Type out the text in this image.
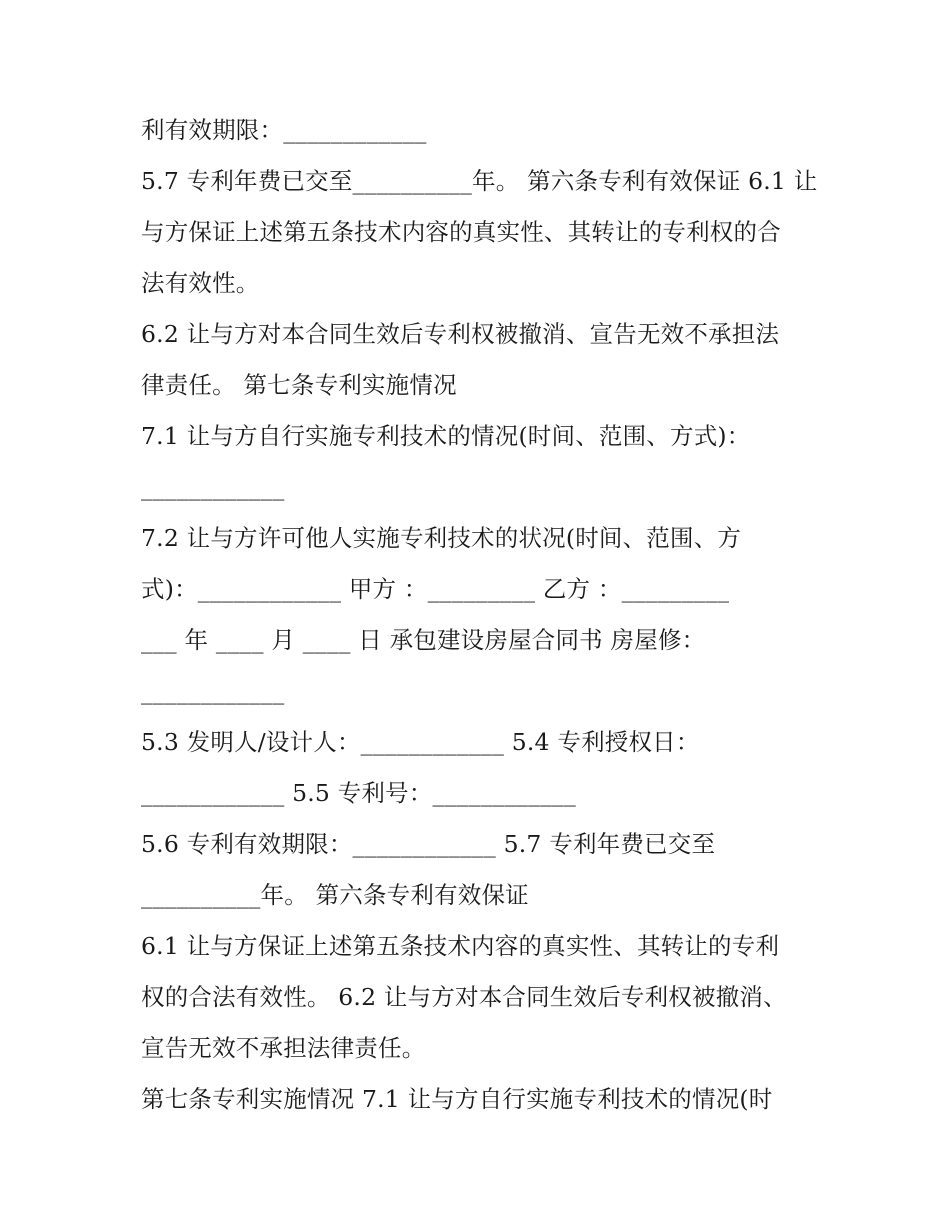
利有效期限：____________
5.7 专利年费已交至__________年。 第六条专利有效保证 6.1 让
与方保证上述第五条技术内容的真实性、其转让的专利权的合
法有效性。
6.2 让与方对本合同生效后专利权被撤消、宣告无效不承担法
律责任。 第七条专利实施情况
7.1 让与方自行实施专利技术的情况(时间、范围、方式)：
____________
7.2 让与方许可他人实施专利技术的状况(时间、范围、方
式)：____________ 甲方 ：_________ 乙方 ：_________
___ 年 ____ 月 ____ 日 承包建设房屋合同书 房屋修：
____________
5.3 发明人/设计人：____________ 5.4 专利授权日：
____________ 5.5 专利号：____________
5.6 专利有效期限：____________ 5.7 专利年费已交至
__________年。 第六条专利有效保证
6.1 让与方保证上述第五条技术内容的真实性、其转让的专利
权的合法有效性。 6.2 让与方对本合同生效后专利权被撤消、
宣告无效不承担法律责任。
第七条专利实施情况 7.1 让与方自行实施专利技术的情况(时
